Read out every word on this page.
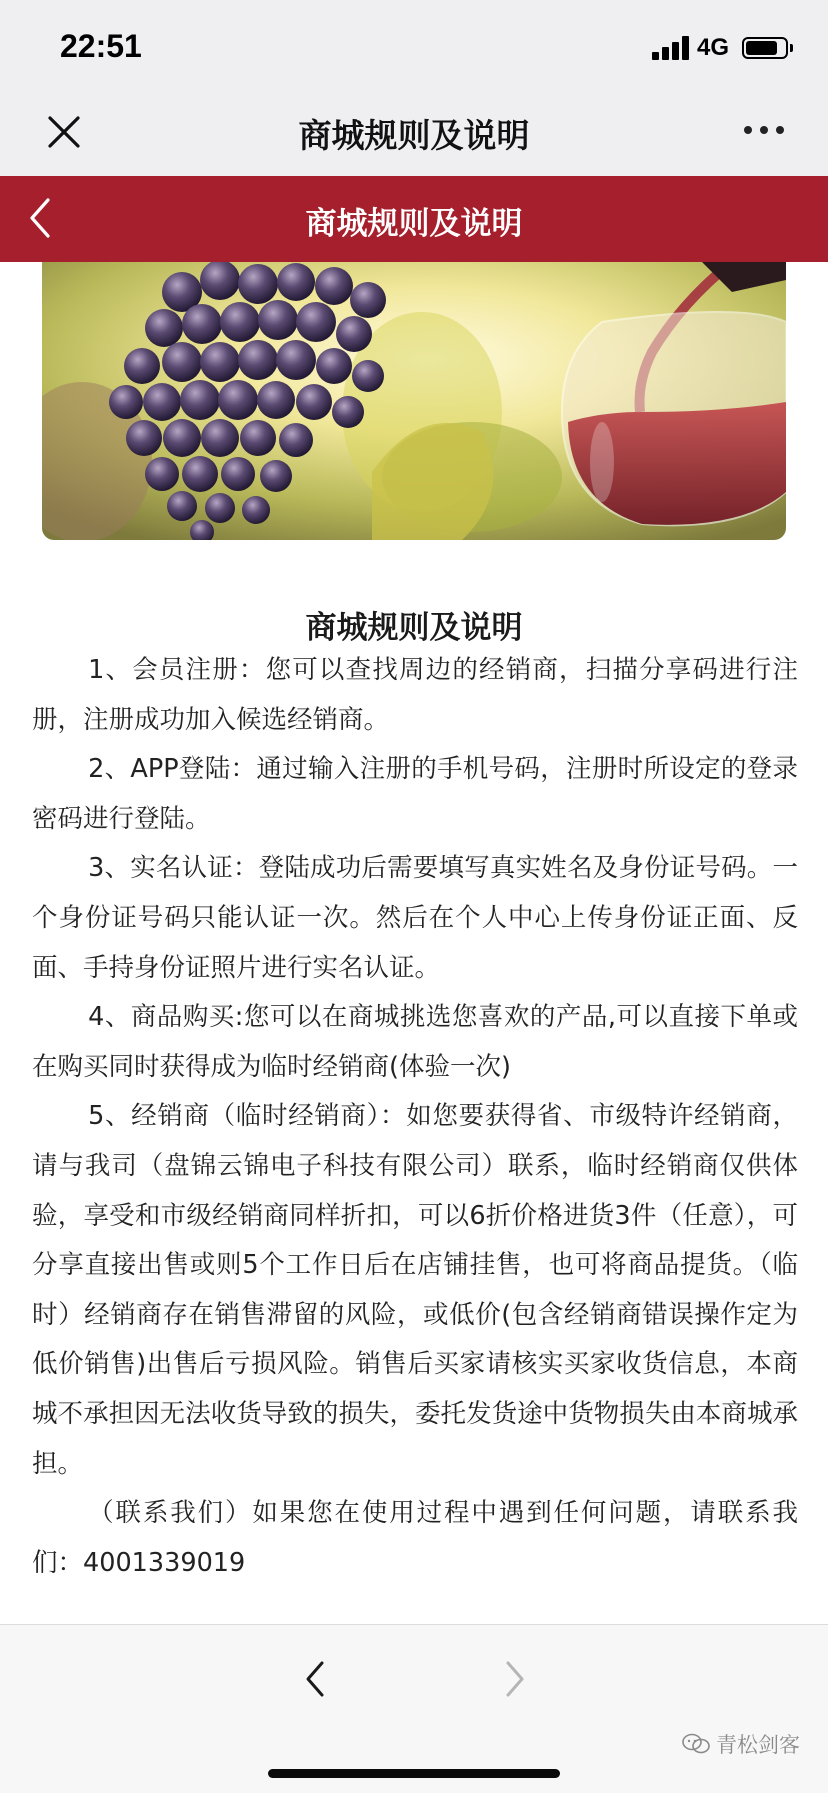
22:51	4G
商城规则及说明
商城规则及说明
商城规则及说明

1、会员注册：您可以查找周边的经销商，扫描分享码进行注册，注册成功加入候选经销商。

2、APP登陆：通过输入注册的手机号码，注册时所设定的登录密码进行登陆。

3、实名认证：登陆成功后需要填写真实姓名及身份证号码。一个身份证号码只能认证一次。然后在个人中心上传身份证正面、反面、手持身份证照片进行实名认证。

4、商品购买:您可以在商城挑选您喜欢的产品,可以直接下单或在购买同时获得成为临时经销商(体验一次)

5、经销商（临时经销商）：如您要获得省、市级特许经销商，请与我司（盘锦云锦电子科技有限公司）联系，临时经销商仅供体验，享受和市级经销商同样折扣，可以6折价格进货3件（任意），可分享直接出售或则5个工作日后在店铺挂售，也可将商品提货。（临时）经销商存在销售滞留的风险，或低价(包含经销商错误操作定为低价销售)出售后亏损风险。销售后买家请核实买家收货信息，本商城不承担因无法收货导致的损失，委托发货途中货物损失由本商城承担。

（联系我们）如果您在使用过程中遇到任何问题，请联系我们：4001339019

青松剑客
